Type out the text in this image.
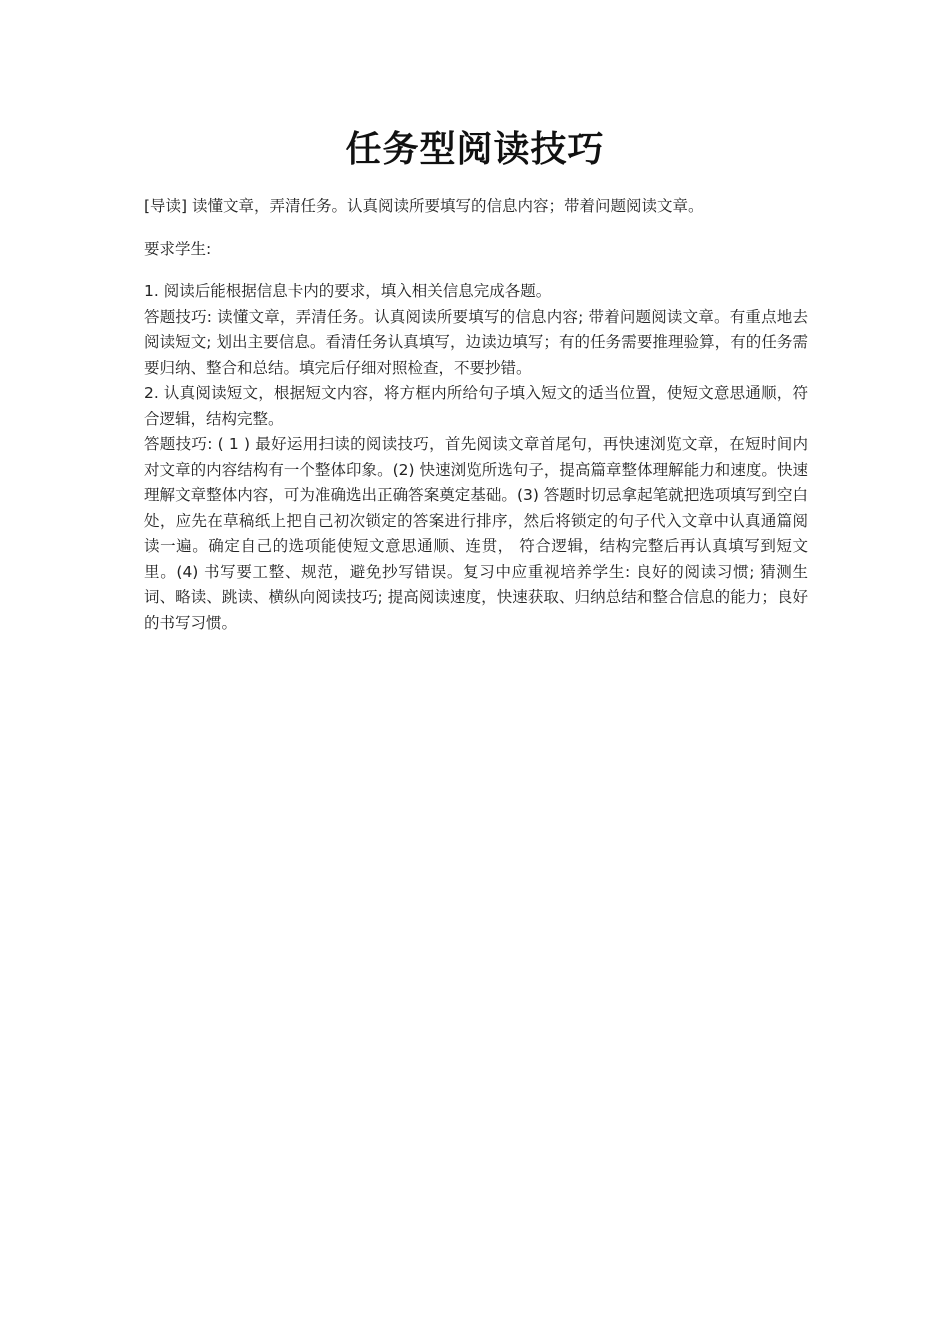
任务型阅读技巧

[导读] 读懂文章，弄清任务。认真阅读所要填写的信息内容；带着问题阅读文章。

要求学生:

1. 阅读后能根据信息卡内的要求，填入相关信息完成各题。

答题技巧: 读懂文章，弄清任务。认真阅读所要填写的信息内容; 带着问题阅读文章。有重点地去阅读短文; 划出主要信息。看清任务认真填写，边读边填写；有的任务需要推理验算，有的任务需要归纳、整合和总结。填完后仔细对照检查，不要抄错。

2. 认真阅读短文，根据短文内容，将方框内所给句子填入短文的适当位置，使短文意思通顺，符合逻辑，结构完整。

答题技巧: ( 1 ) 最好运用扫读的阅读技巧，首先阅读文章首尾句，再快速浏览文章，在短时间内对文章的内容结构有一个整体印象。(2) 快速浏览所选句子，提高篇章整体理解能力和速度。快速理解文章整体内容，可为准确选出正确答案奠定基础。(3) 答题时切忌拿起笔就把选项填写到空白处，应先在草稿纸上把自己初次锁定的答案进行排序，然后将锁定的句子代入文章中认真通篇阅读一遍。确定自己的选项能使短文意思通顺、连贯， 符合逻辑，结构完整后再认真填写到短文里。(4) 书写要工整、规范，避免抄写错误。复习中应重视培养学生: 良好的阅读习惯; 猜测生词、略读、跳读、横纵向阅读技巧; 提高阅读速度，快速获取、归纳总结和整合信息的能力；良好的书写习惯。
